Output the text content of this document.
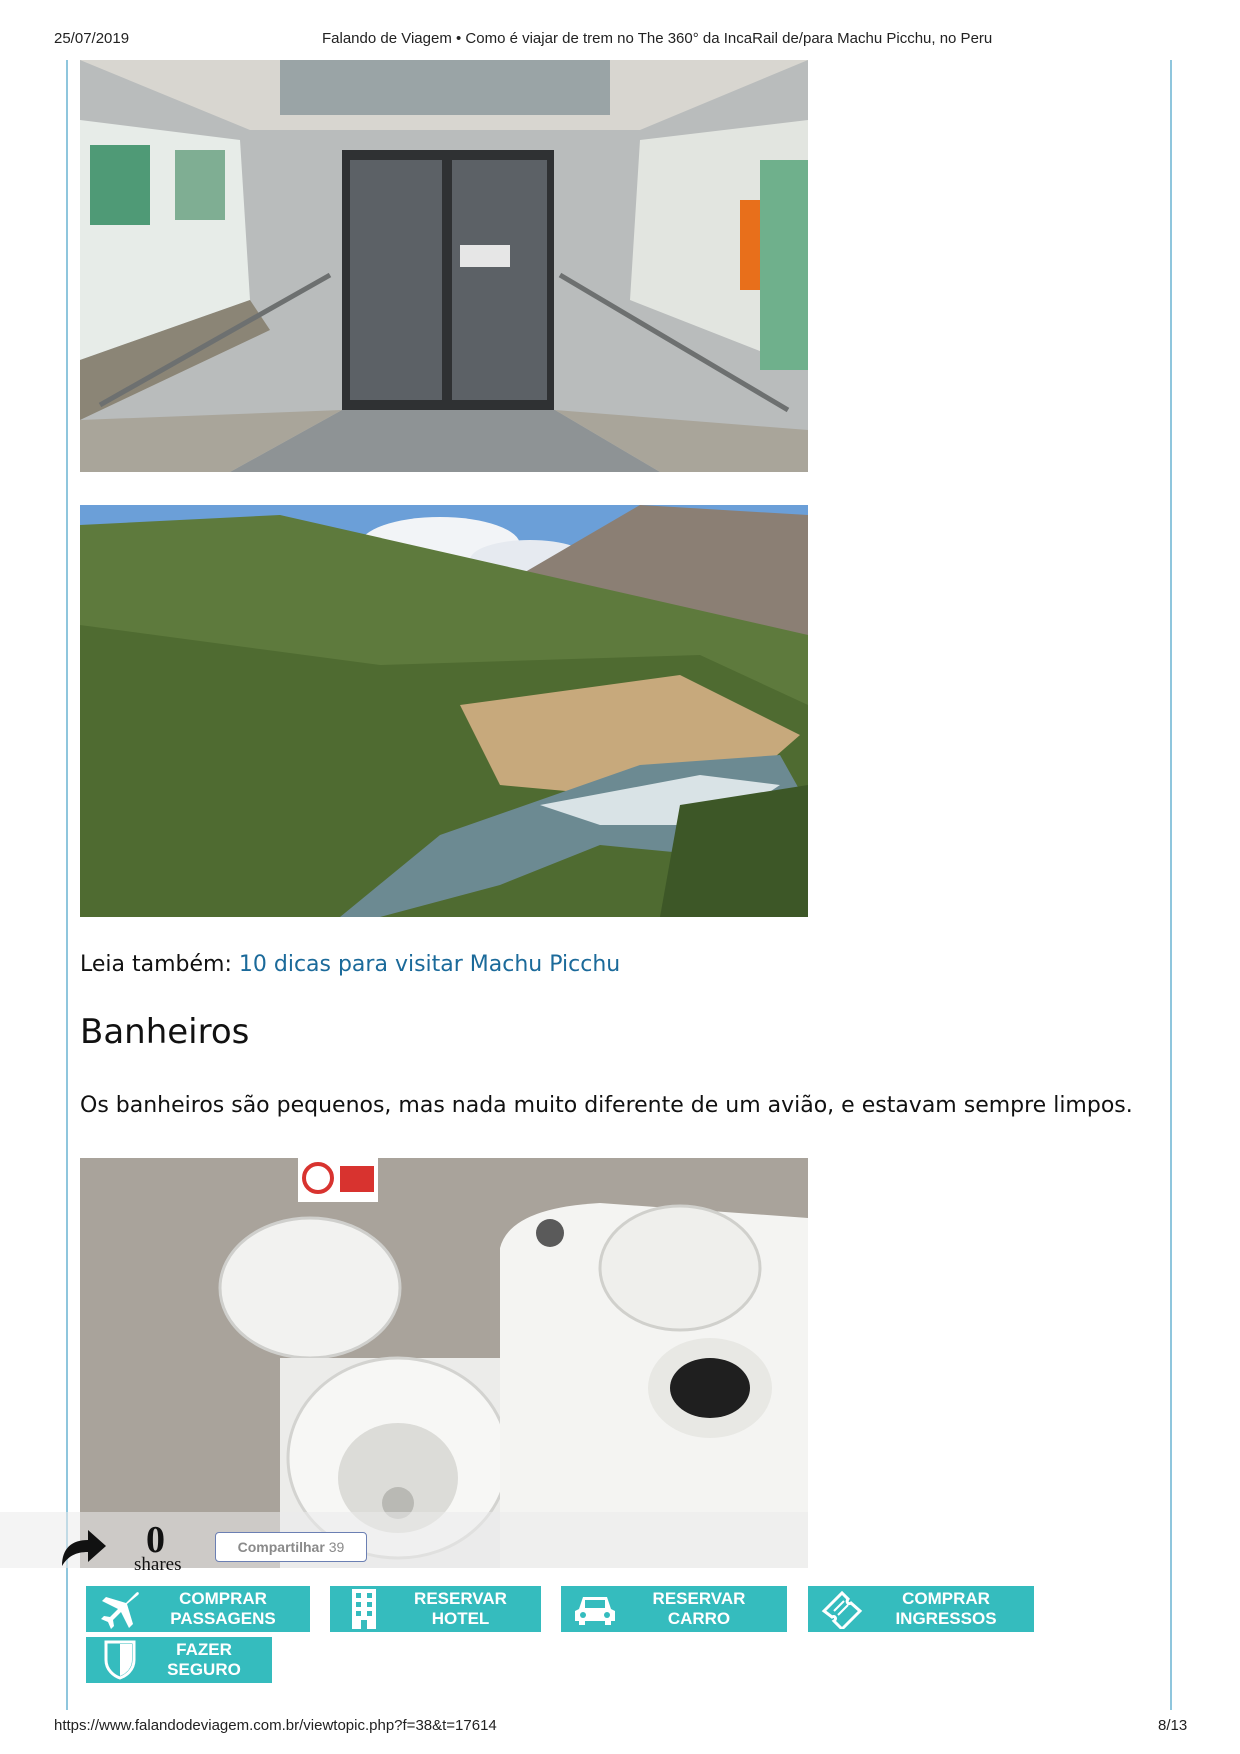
25/07/2019	Falando de Viagem • Como é viajar de trem no The 360° da IncaRail de/para Machu Picchu, no Peru
Leia também: 10 dicas para visitar Machu Picchu
Banheiros

Os banheiros são pequenos, mas nada muito diferente de um avião, e estavam sempre limpos.

0
shares
Compartilhar 39
COMPRAR
PASSAGENS
RESERVAR
HOTEL
RESERVAR
CARRO
COMPRAR
INGRESSOS
FAZER
SEGURO
https://www.falandodeviagem.com.br/viewtopic.php?f=38&t=17614	8/13
